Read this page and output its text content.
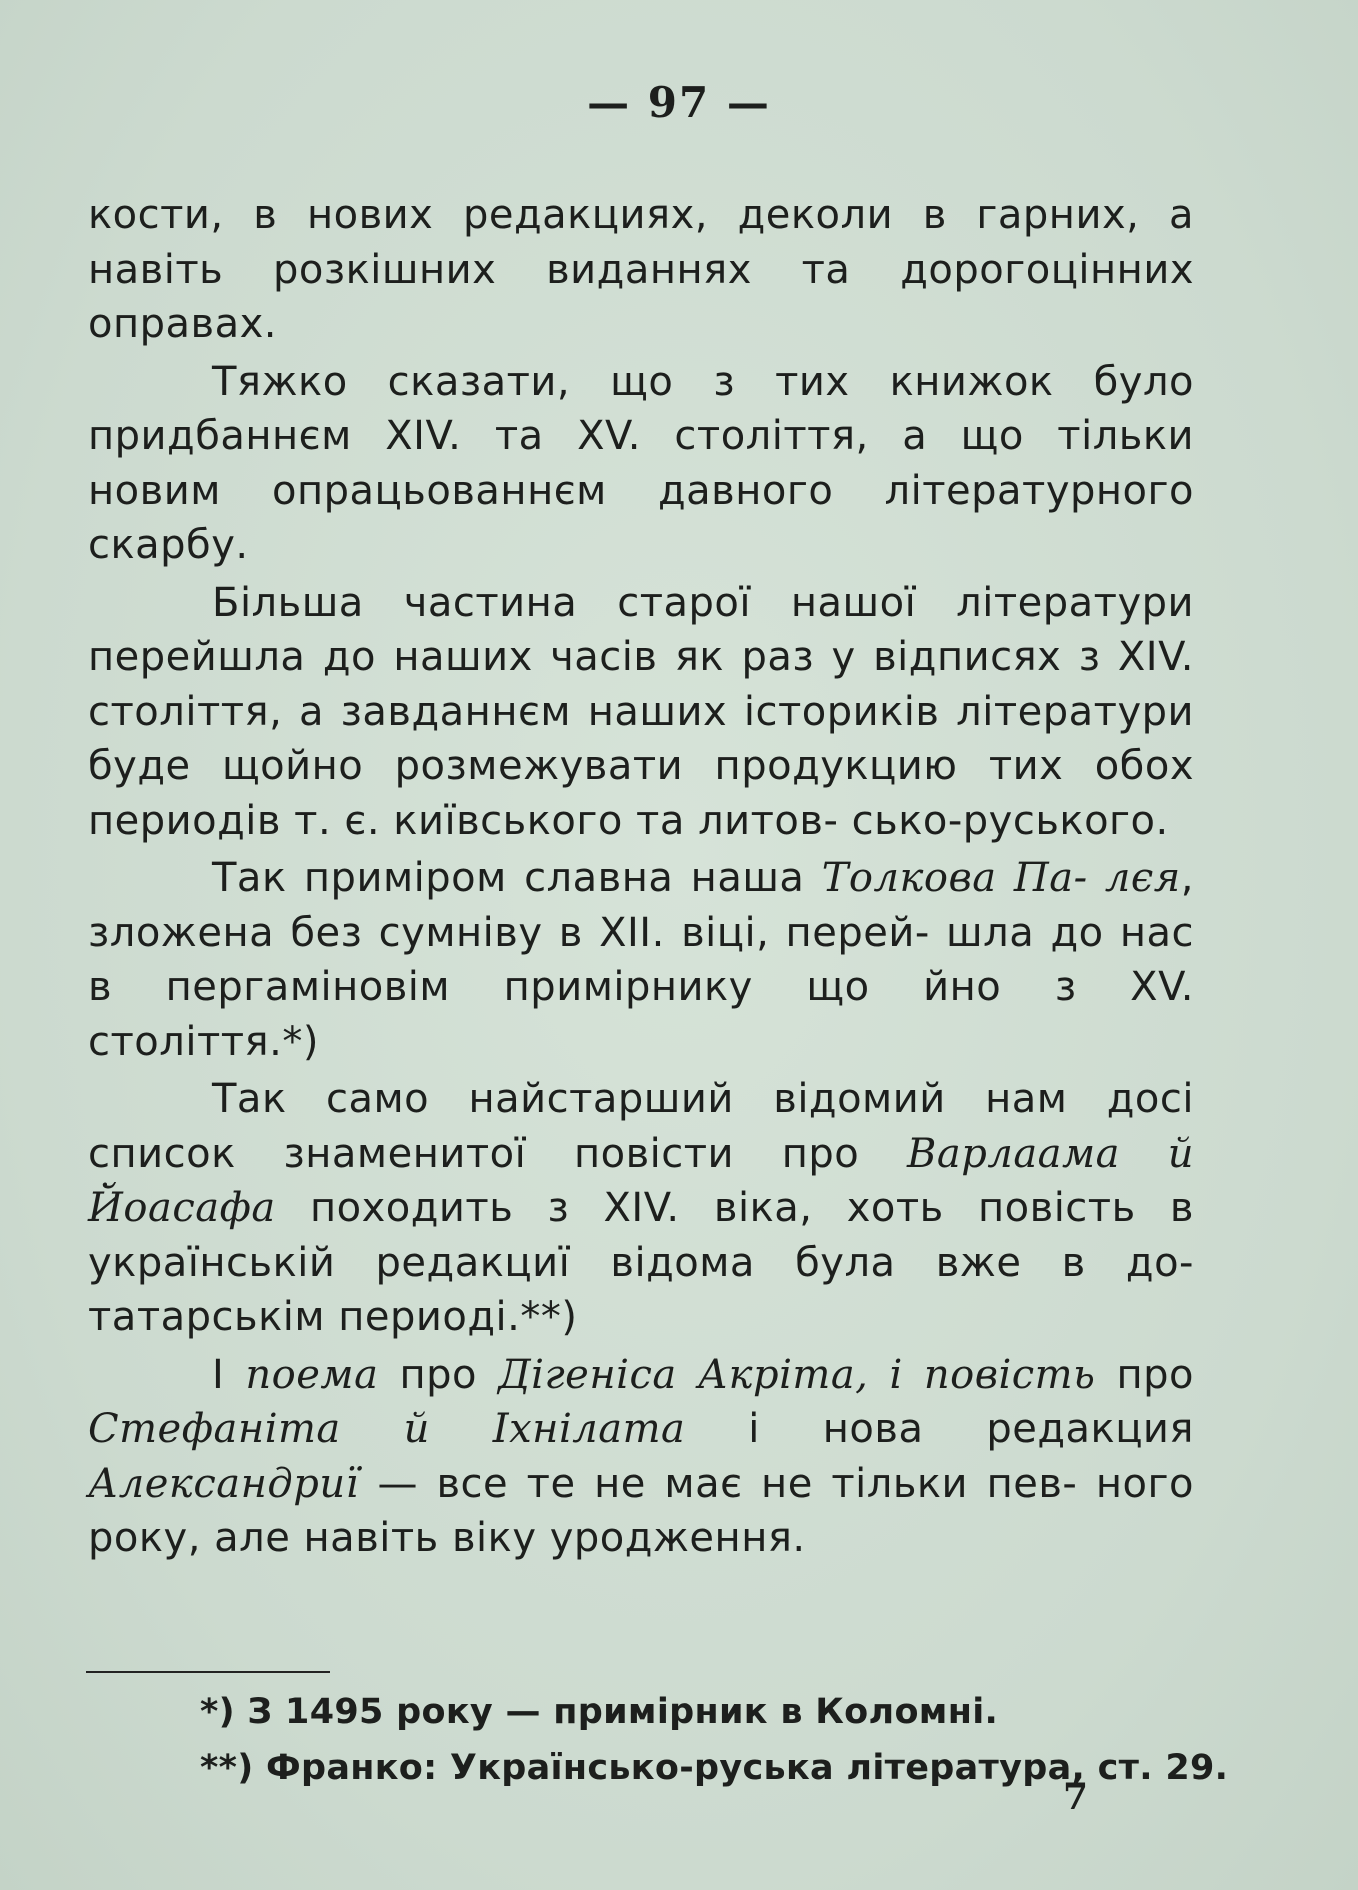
— 97 —

кости, в нових редакциях, деколи в гарних, а навіть розкішних виданнях та дорогоцінних оправах.

Тяжко сказати, що з тих книжок було придбаннєм XIV. та XV. століття, а що тільки новим опрацьованнєм давного літературного скарбу.

Більша частина старої нашої літератури перейшла до наших часів як раз у відписях з XIV. століття, а завданнєм наших істориків літератури буде щойно розмежувати продукцию тих обох периодів т. є. київського та литов- сько-руського.

Так приміром славна наша Толкова Па- лєя, зложена без сумніву в XII. віці, перей- шла до нас в пергаміновім примірнику що йно з XV. століття.*)

Так само найстарший відомий нам досі список знаменитої повісти про Варлаама й Йоасафа походить з XIV. віка, хоть повість в українській редакциї відома була вже в до- татарськім периоді.**)

І поема про Дігеніса Акріта, і повість про Стефаніта й Іхнілата і нова редакция Александриї — все те не має не тільки пев- ного року, але навіть віку уродження.

*) З 1495 року — примірник в Коломні.
**) Франко: Українсько-руська література, ст. 29.
7
